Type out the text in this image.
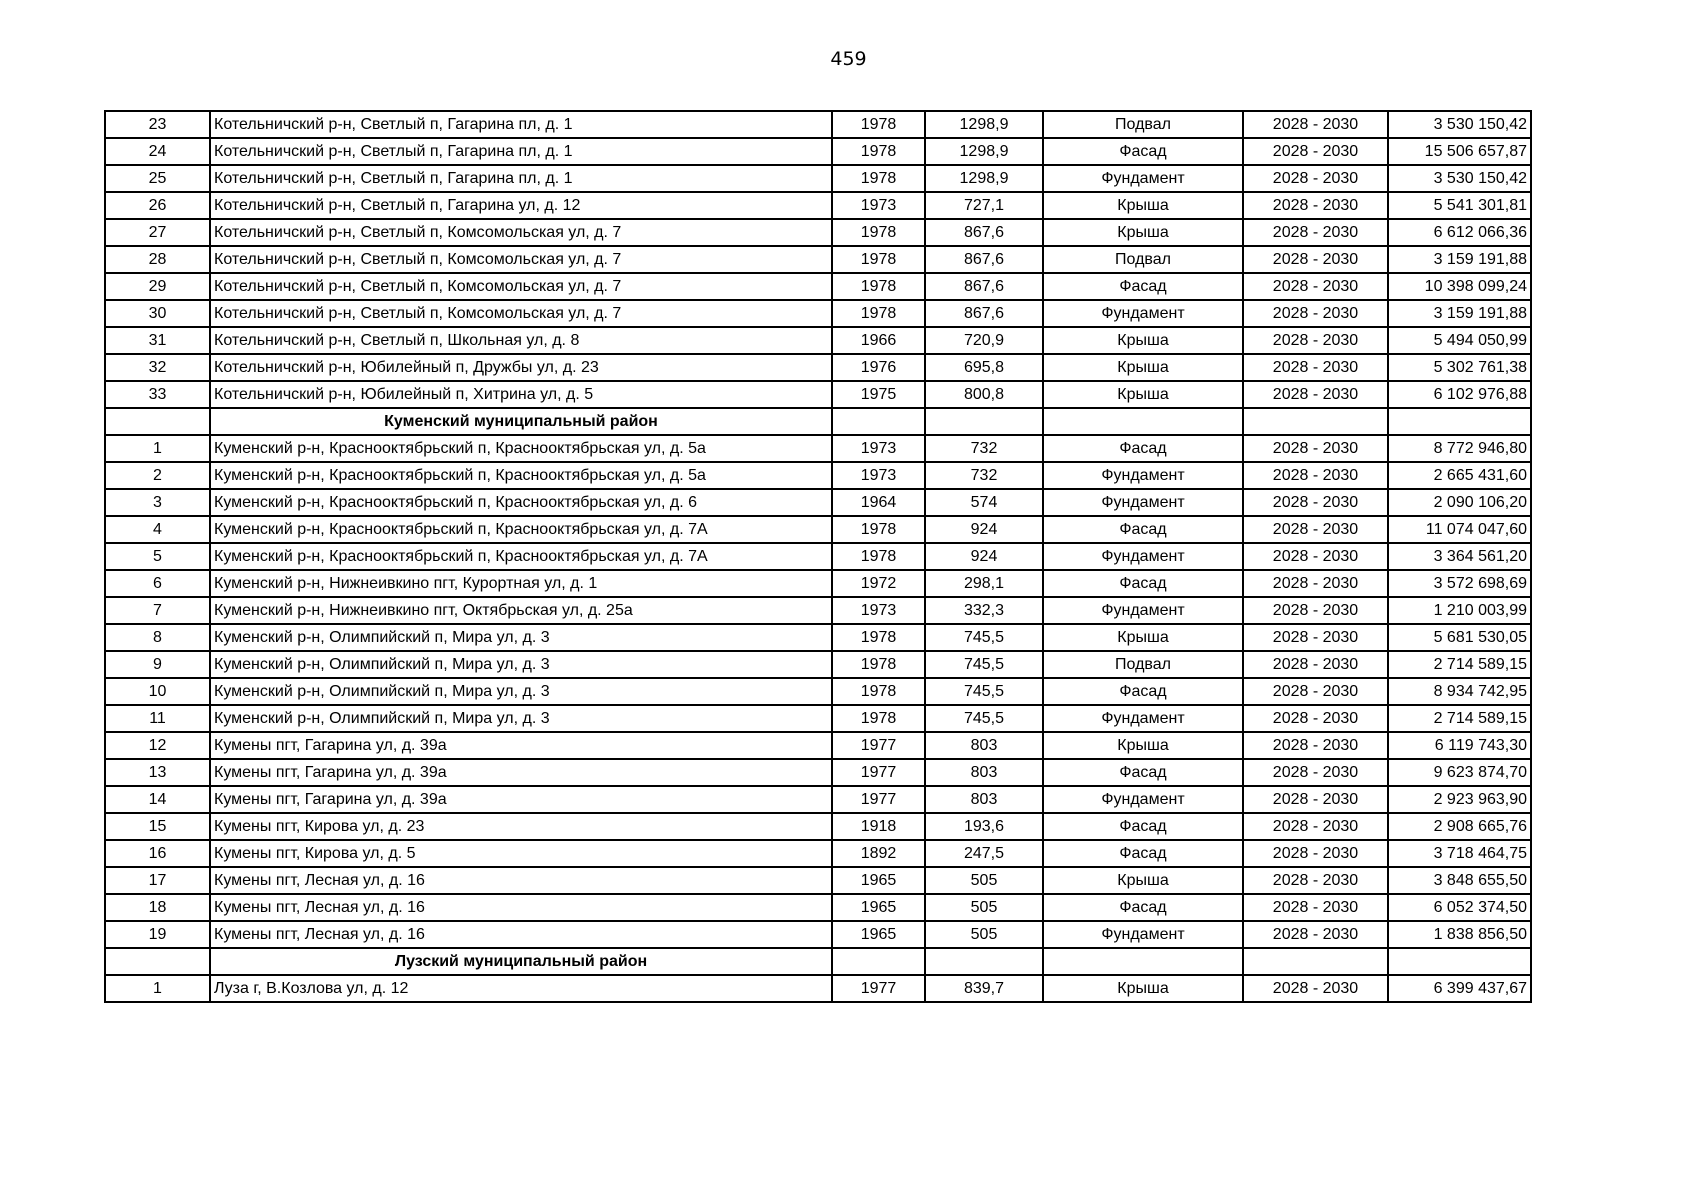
459
23	Котельничский р-н, Светлый п, Гагарина пл, д. 1	1978	1298,9	Подвал	2028 - 2030	3 530 150,42
24	Котельничский р-н, Светлый п, Гагарина пл, д. 1	1978	1298,9	Фасад	2028 - 2030	15 506 657,87
25	Котельничский р-н, Светлый п, Гагарина пл, д. 1	1978	1298,9	Фундамент	2028 - 2030	3 530 150,42
26	Котельничский р-н, Светлый п, Гагарина ул, д. 12	1973	727,1	Крыша	2028 - 2030	5 541 301,81
27	Котельничский р-н, Светлый п, Комсомольская ул, д. 7	1978	867,6	Крыша	2028 - 2030	6 612 066,36
28	Котельничский р-н, Светлый п, Комсомольская ул, д. 7	1978	867,6	Подвал	2028 - 2030	3 159 191,88
29	Котельничский р-н, Светлый п, Комсомольская ул, д. 7	1978	867,6	Фасад	2028 - 2030	10 398 099,24
30	Котельничский р-н, Светлый п, Комсомольская ул, д. 7	1978	867,6	Фундамент	2028 - 2030	3 159 191,88
31	Котельничский р-н, Светлый п, Школьная ул, д. 8	1966	720,9	Крыша	2028 - 2030	5 494 050,99
32	Котельничский р-н, Юбилейный п, Дружбы ул, д. 23	1976	695,8	Крыша	2028 - 2030	5 302 761,38
33	Котельничский р-н, Юбилейный п, Хитрина ул, д. 5	1975	800,8	Крыша	2028 - 2030	6 102 976,88
	Куменский муниципальный район					
1	Куменский р-н, Краснооктябрьский п, Краснооктябрьская ул, д. 5а	1973	732	Фасад	2028 - 2030	8 772 946,80
2	Куменский р-н, Краснооктябрьский п, Краснооктябрьская ул, д. 5а	1973	732	Фундамент	2028 - 2030	2 665 431,60
3	Куменский р-н, Краснооктябрьский п, Краснооктябрьская ул, д. 6	1964	574	Фундамент	2028 - 2030	2 090 106,20
4	Куменский р-н, Краснооктябрьский п, Краснооктябрьская ул, д. 7А	1978	924	Фасад	2028 - 2030	11 074 047,60
5	Куменский р-н, Краснооктябрьский п, Краснооктябрьская ул, д. 7А	1978	924	Фундамент	2028 - 2030	3 364 561,20
6	Куменский р-н, Нижнеивкино пгт, Курортная ул, д. 1	1972	298,1	Фасад	2028 - 2030	3 572 698,69
7	Куменский р-н, Нижнеивкино пгт, Октябрьская ул, д. 25а	1973	332,3	Фундамент	2028 - 2030	1 210 003,99
8	Куменский р-н, Олимпийский п, Мира ул, д. 3	1978	745,5	Крыша	2028 - 2030	5 681 530,05
9	Куменский р-н, Олимпийский п, Мира ул, д. 3	1978	745,5	Подвал	2028 - 2030	2 714 589,15
10	Куменский р-н, Олимпийский п, Мира ул, д. 3	1978	745,5	Фасад	2028 - 2030	8 934 742,95
11	Куменский р-н, Олимпийский п, Мира ул, д. 3	1978	745,5	Фундамент	2028 - 2030	2 714 589,15
12	Кумены пгт, Гагарина ул, д. 39а	1977	803	Крыша	2028 - 2030	6 119 743,30
13	Кумены пгт, Гагарина ул, д. 39а	1977	803	Фасад	2028 - 2030	9 623 874,70
14	Кумены пгт, Гагарина ул, д. 39а	1977	803	Фундамент	2028 - 2030	2 923 963,90
15	Кумены пгт, Кирова ул, д. 23	1918	193,6	Фасад	2028 - 2030	2 908 665,76
16	Кумены пгт, Кирова ул, д. 5	1892	247,5	Фасад	2028 - 2030	3 718 464,75
17	Кумены пгт, Лесная ул, д. 16	1965	505	Крыша	2028 - 2030	3 848 655,50
18	Кумены пгт, Лесная ул, д. 16	1965	505	Фасад	2028 - 2030	6 052 374,50
19	Кумены пгт, Лесная ул, д. 16	1965	505	Фундамент	2028 - 2030	1 838 856,50
	Лузский муниципальный район					
1	Луза г, В.Козлова ул, д. 12	1977	839,7	Крыша	2028 - 2030	6 399 437,67
